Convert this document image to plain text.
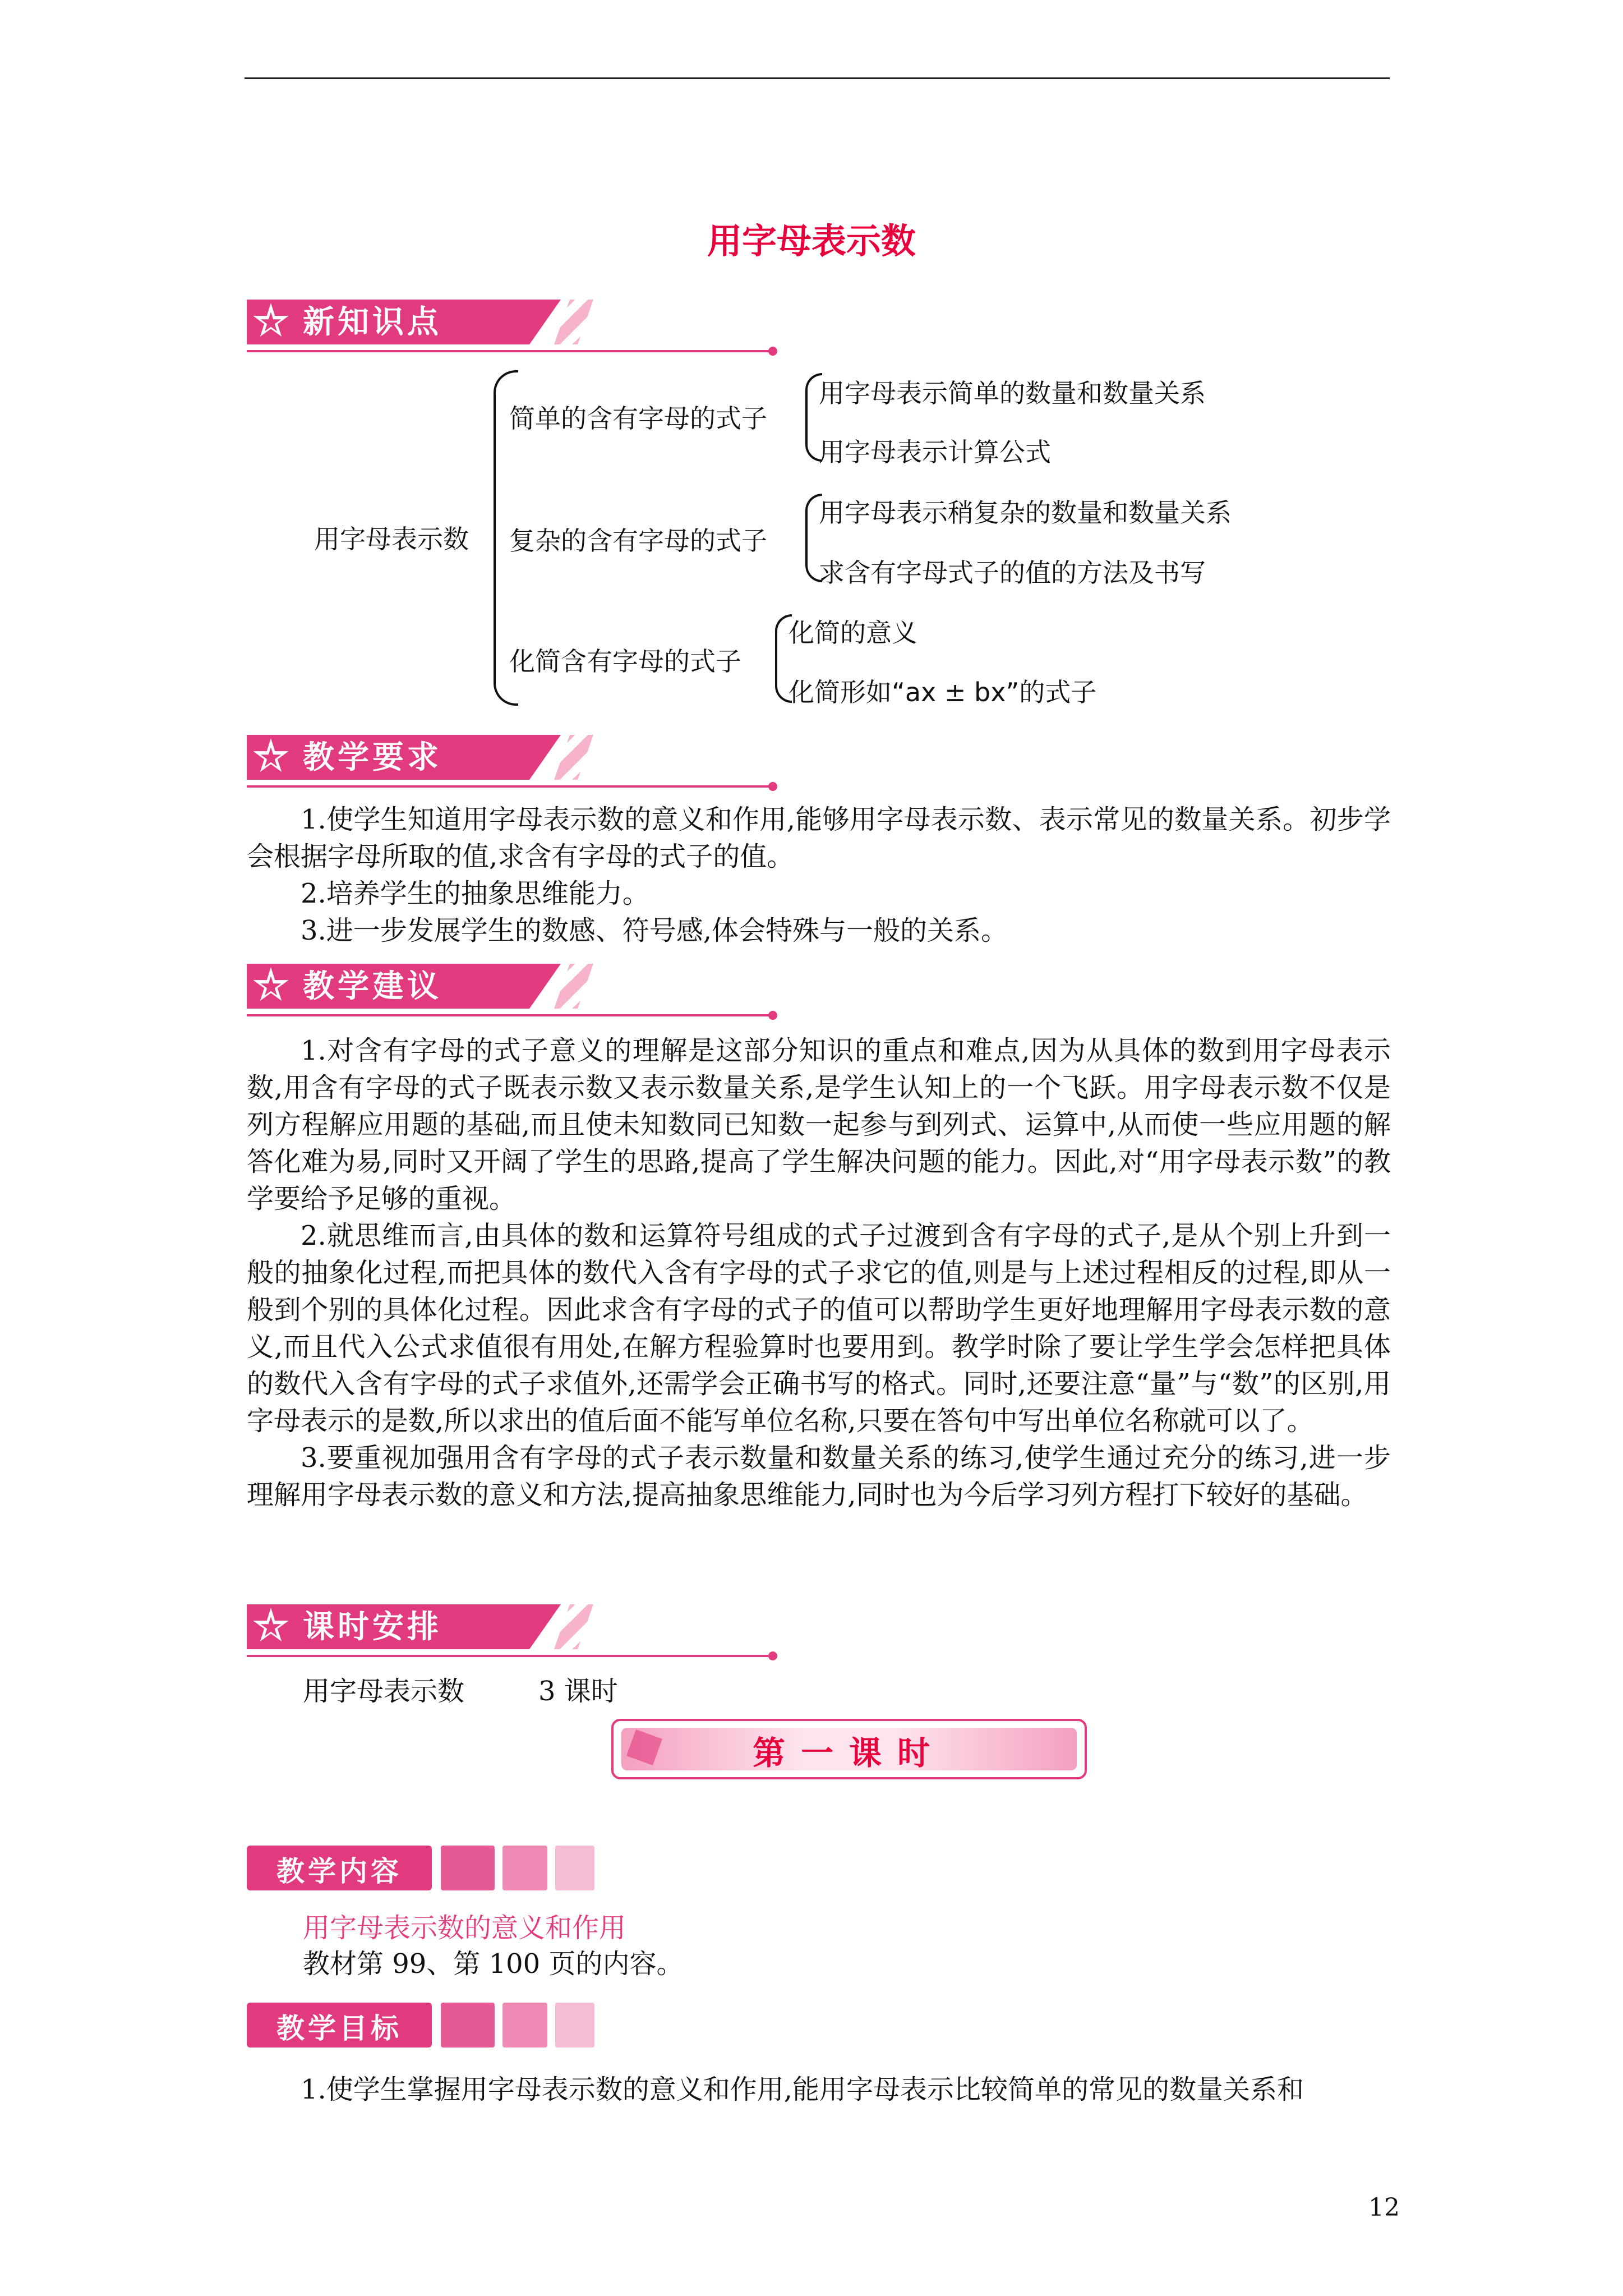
用字母表示数
新知识点
用字母表示数
简单的含有字母的式子
用字母表示简单的数量和数量关系
用字母表示计算公式
复杂的含有字母的式子
用字母表示稍复杂的数量和数量关系
求含有字母式子的值的方法及书写
化简含有字母的式子
化简的意义
化简形如“ax ± bx”的式子
教学要求

1.使学生知道用字母表示数的意义和作用,能够用字母表示数、表示常见的数量关系。初步学会根据字母所取的值,求含有字母的式子的值。

2.培养学生的抽象思维能力。

3.进一步发展学生的数感、符号感,体会特殊与一般的关系。

教学建议

1.对含有字母的式子意义的理解是这部分知识的重点和难点,因为从具体的数到用字母表示数,用含有字母的式子既表示数又表示数量关系,是学生认知上的一个飞跃。用字母表示数不仅是列方程解应用题的基础,而且使未知数同已知数一起参与到列式、运算中,从而使一些应用题的解答化难为易,同时又开阔了学生的思路,提高了学生解决问题的能力。因此,对“用字母表示数”的教学要给予足够的重视。

2.就思维而言,由具体的数和运算符号组成的式子过渡到含有字母的式子,是从个别上升到一般的抽象化过程,而把具体的数代入含有字母的式子求它的值,则是与上述过程相反的过程,即从一般到个别的具体化过程。因此求含有字母的式子的值可以帮助学生更好地理解用字母表示数的意义,而且代入公式求值很有用处,在解方程验算时也要用到。教学时除了要让学生学会怎样把具体的数代入含有字母的式子求值外,还需学会正确书写的格式。同时,还要注意“量”与“数”的区别,用字母表示的是数,所以求出的值后面不能写单位名称,只要在答句中写出单位名称就可以了。

3.要重视加强用含有字母的式子表示数量和数量关系的练习,使学生通过充分的练习,进一步理解用字母表示数的意义和方法,提高抽象思维能力,同时也为今后学习列方程打下较好的基础。

课时安排
用字母表示数	3 课时
第一课时
教学内容
用字母表示数的意义和作用
教材第 99、第 100 页的内容。
教学目标
1.使学生掌握用字母表示数的意义和作用,能用字母表示比较简单的常见的数量关系和
12
